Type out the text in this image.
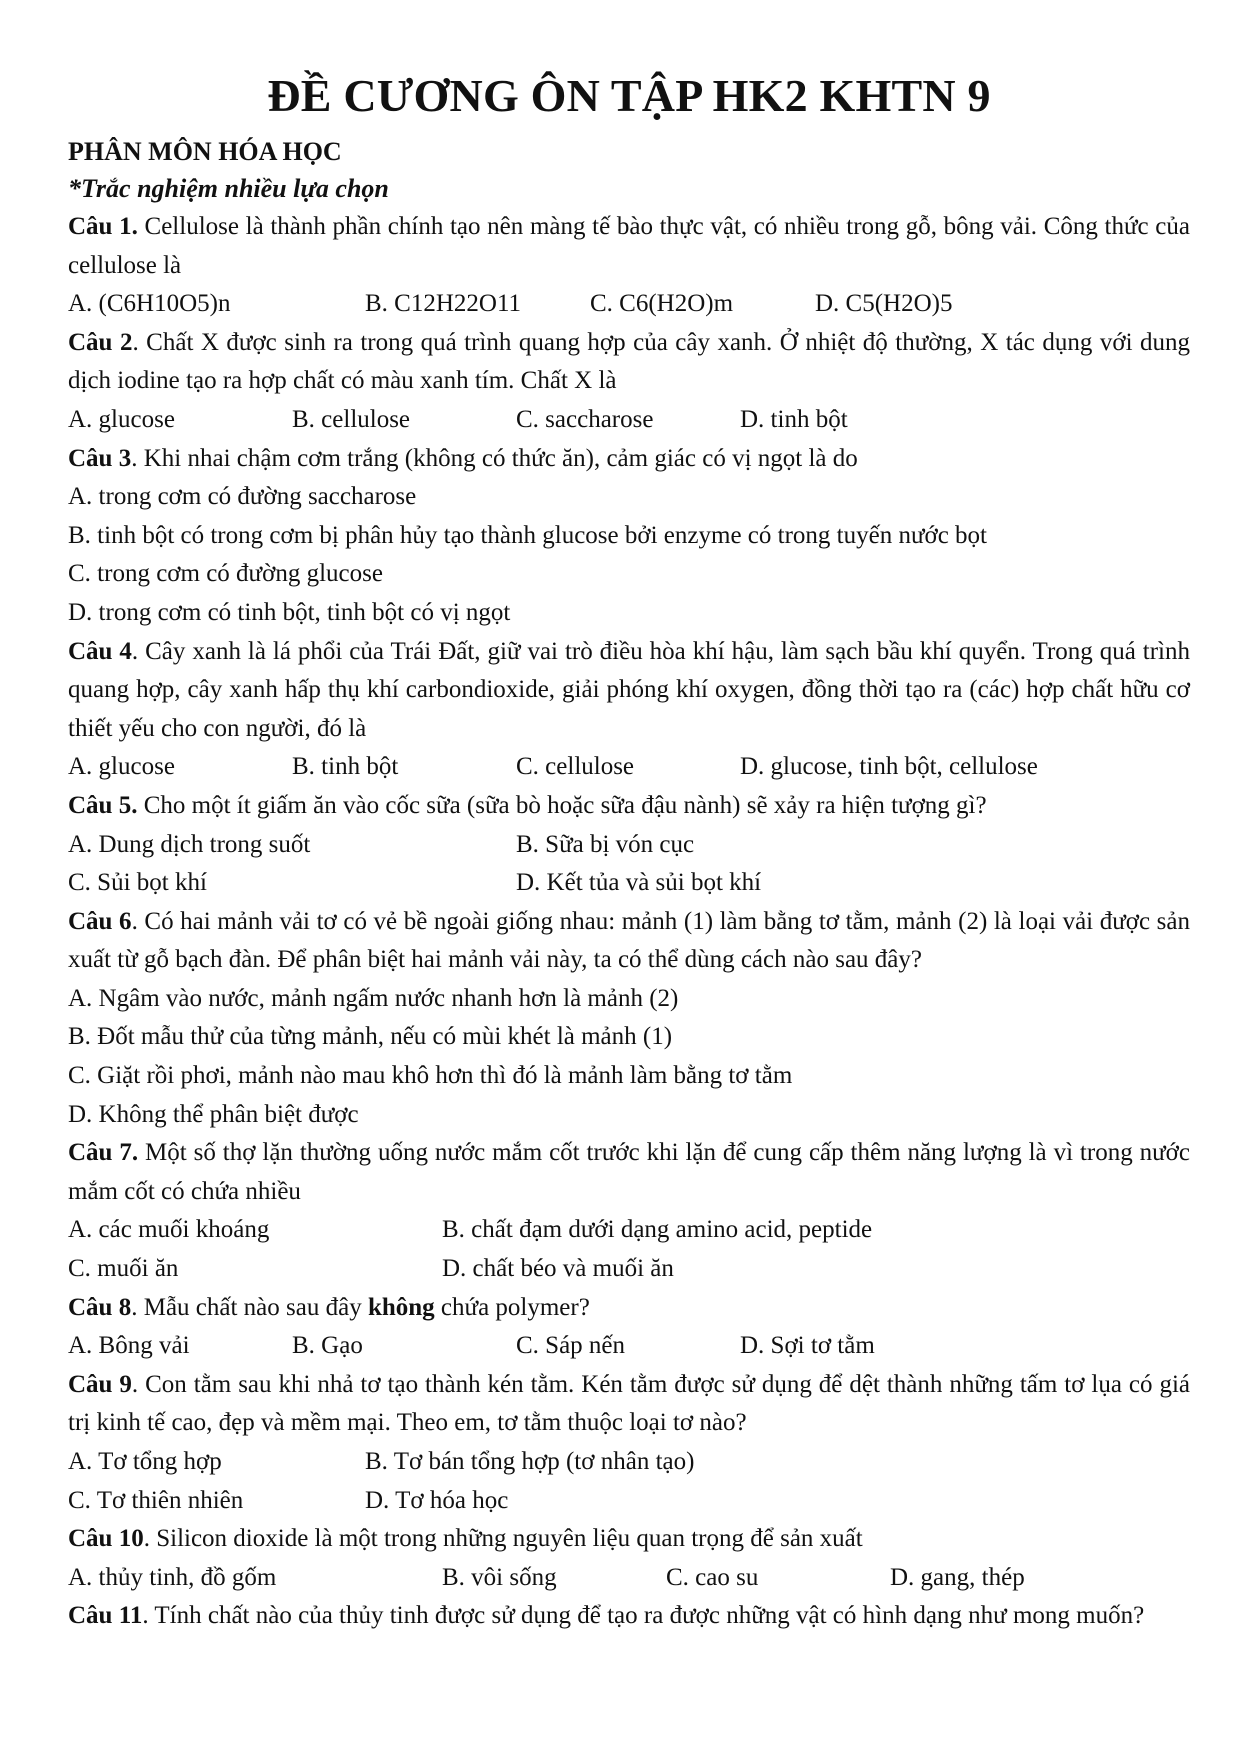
ĐỀ CƯƠNG ÔN TẬP HK2 KHTN 9
PHÂN MÔN HÓA HỌC
*Trắc nghiệm nhiều lựa chọn
Câu 1. Cellulose là thành phần chính tạo nên màng tế bào thực vật, có nhiều trong gỗ, bông vải. Công thức của cellulose là
A. (C6H10O5)n	B. C12H22O11	C. C6(H2O)m	D. C5(H2O)5
Câu 2. Chất X được sinh ra trong quá trình quang hợp của cây xanh. Ở nhiệt độ thường, X tác dụng với dung dịch iodine tạo ra hợp chất có màu xanh tím. Chất X là
A. glucose	B. cellulose	C. saccharose	D. tinh bột
Câu 3. Khi nhai chậm cơm trắng (không có thức ăn), cảm giác có vị ngọt là do
A. trong cơm có đường saccharose
B. tinh bột có trong cơm bị phân hủy tạo thành glucose bởi enzyme có trong tuyến nước bọt
C. trong cơm có đường glucose
D. trong cơm có tinh bột, tinh bột có vị ngọt
Câu 4. Cây xanh là lá phổi của Trái Đất, giữ vai trò điều hòa khí hậu, làm sạch bầu khí quyển. Trong quá trình quang hợp, cây xanh hấp thụ khí carbondioxide, giải phóng khí oxygen, đồng thời tạo ra (các) hợp chất hữu cơ thiết yếu cho con người, đó là
A. glucose	B. tinh bột	C. cellulose	D. glucose, tinh bột, cellulose
Câu 5. Cho một ít giấm ăn vào cốc sữa (sữa bò hoặc sữa đậu nành) sẽ xảy ra hiện tượng gì?
A. Dung dịch trong suốt	B. Sữa bị vón cục
C. Sủi bọt khí	D. Kết tủa và sủi bọt khí
Câu 6. Có hai mảnh vải tơ có vẻ bề ngoài giống nhau: mảnh (1) làm bằng tơ tằm, mảnh (2) là loại vải được sản xuất từ gỗ bạch đàn. Để phân biệt hai mảnh vải này, ta có thể dùng cách nào sau đây?
A. Ngâm vào nước, mảnh ngấm nước nhanh hơn là mảnh (2)
B. Đốt mẫu thử của từng mảnh, nếu có mùi khét là mảnh (1)
C. Giặt rồi phơi, mảnh nào mau khô hơn thì đó là mảnh làm bằng tơ tằm
D. Không thể phân biệt được
Câu 7. Một số thợ lặn thường uống nước mắm cốt trước khi lặn để cung cấp thêm năng lượng là vì trong nước mắm cốt có chứa nhiều
A. các muối khoáng	B. chất đạm dưới dạng amino acid, peptide
C. muối ăn	D. chất béo và muối ăn
Câu 8. Mẫu chất nào sau đây không chứa polymer?
A. Bông vải	B. Gạo	C. Sáp nến	D. Sợi tơ tằm
Câu 9. Con tằm sau khi nhả tơ tạo thành kén tằm. Kén tằm được sử dụng để dệt thành những tấm tơ lụa có giá trị kinh tế cao, đẹp và mềm mại. Theo em, tơ tằm thuộc loại tơ nào?
A. Tơ tổng hợp	B. Tơ bán tổng hợp (tơ nhân tạo)
C. Tơ thiên nhiên	D. Tơ hóa học
Câu 10. Silicon dioxide là một trong những nguyên liệu quan trọng để sản xuất
A. thủy tinh, đồ gốm	B. vôi sống	C. cao su	D. gang, thép
Câu 11. Tính chất nào của thủy tinh được sử dụng để tạo ra được những vật có hình dạng như mong muốn?
